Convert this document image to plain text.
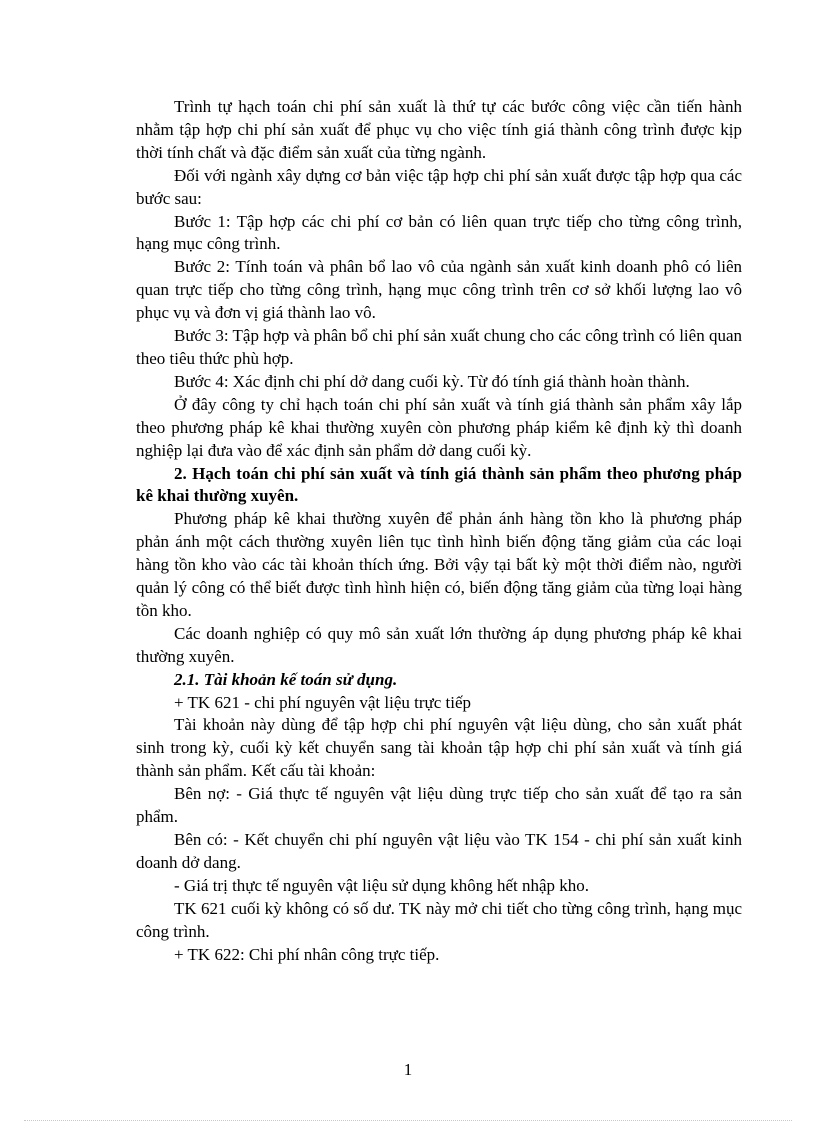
Trình tự hạch toán chi phí sản xuất là thứ tự các bước công việc cần tiến hành nhằm tập hợp chi phí sản xuất để phục vụ cho việc tính giá thành công trình được kịp thời tính chất và đặc điểm sản xuất của từng ngành.

Đối với ngành xây dựng cơ bản việc tập hợp chi phí sản xuất được tập hợp qua các bước sau:

Bước 1: Tập hợp các chi phí cơ bản có liên quan trực tiếp cho từng công trình, hạng mục công trình.

Bước 2: Tính toán và phân bổ lao vô của ngành sản xuất kinh doanh phô có liên quan trực tiếp cho từng công trình, hạng mục công trình trên cơ sở khối lượng lao vô phục vụ và đơn vị giá thành lao vô.

Bước 3: Tập hợp và phân bổ chi phí sản xuất chung cho các công trình có liên quan theo tiêu thức phù hợp.

Bước 4: Xác định chi phí dở dang cuối kỳ. Từ đó tính giá thành hoàn thành.

Ở đây công ty chỉ hạch toán chi phí sản xuất và tính giá thành sản phẩm xây lắp theo phương pháp kê khai thường xuyên còn phương pháp kiểm kê định kỳ thì doanh nghiệp lại đưa vào để xác định sản phẩm dở dang cuối kỳ.

2. Hạch toán chi phí sản xuất và tính giá thành sản phẩm theo phương pháp kê khai thường xuyên.

Phương pháp kê khai thường xuyên để phản ánh hàng tồn kho là phương pháp phản ánh một cách thường xuyên liên tục tình hình biến động tăng giảm của các loại hàng tồn kho vào các tài khoản thích ứng. Bởi vậy tại bất kỳ một thời điểm nào, người quản lý công có thể biết được tình hình hiện có, biến động tăng giảm của từng loại hàng tồn kho.

Các doanh nghiệp có quy mô sản xuất lớn thường áp dụng phương pháp kê khai thường xuyên.

2.1. Tài khoản kế toán sử dụng.

+ TK 621 - chi phí nguyên vật liệu trực tiếp

Tài khoản này dùng để tập hợp chi phí nguyên vật liệu dùng, cho sản xuất phát sinh trong kỳ, cuối kỳ kết chuyển sang tài khoản tập hợp chi phí sản xuất và tính giá thành sản phẩm. Kết cấu tài khoản:

Bên nợ: - Giá thực tế nguyên vật liệu dùng trực tiếp cho sản xuất để tạo ra sản phẩm.

Bên có: - Kết chuyển chi phí nguyên vật liệu vào TK 154 - chi phí sản xuất kinh doanh dở dang.

- Giá trị thực tế nguyên vật liệu sử dụng không hết nhập kho.

TK 621 cuối kỳ không có số dư. TK này mở chi tiết cho từng công trình, hạng mục công trình.

+ TK 622: Chi phí nhân công trực tiếp.

1
